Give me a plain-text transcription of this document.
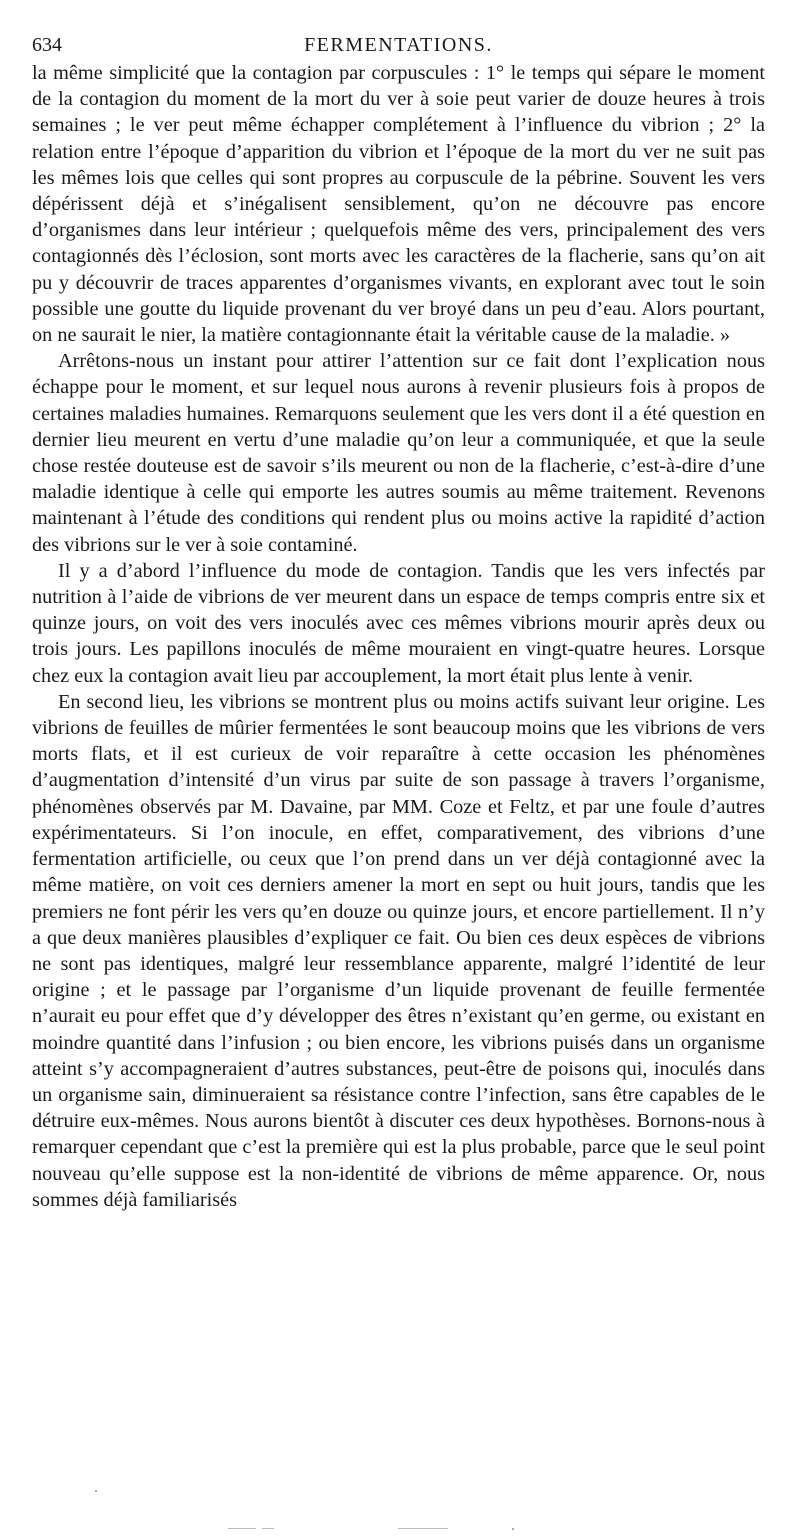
634	FERMENTATIONS.

la même simplicité que la contagion par corpuscules : 1° le temps qui sépare le moment de la contagion du moment de la mort du ver à soie peut varier de douze heures à trois semaines ; le ver peut même échapper complétement à l’influence du vibrion ; 2° la relation entre l’époque d’apparition du vibrion et l’époque de la mort du ver ne suit pas les mêmes lois que celles qui sont propres au corpuscule de la pébrine. Souvent les vers dépérissent déjà et s’inégalisent sensiblement, qu’on ne découvre pas encore d’organismes dans leur intérieur ; quelquefois même des vers, principalement des vers contagionnés dès l’éclosion, sont morts avec les caractères de la flacherie, sans qu’on ait pu y découvrir de traces apparentes d’organismes vivants, en explorant avec tout le soin possible une goutte du liquide provenant du ver broyé dans un peu d’eau. Alors pourtant, on ne saurait le nier, la matière contagionnante était la véritable cause de la maladie. »

Arrêtons-nous un instant pour attirer l’attention sur ce fait dont l’explication nous échappe pour le moment, et sur lequel nous aurons à revenir plusieurs fois à propos de certaines maladies humaines. Remarquons seulement que les vers dont il a été question en dernier lieu meurent en vertu d’une maladie qu’on leur a communiquée, et que la seule chose restée douteuse est de savoir s’ils meurent ou non de la flacherie, c’est-à-dire d’une maladie identique à celle qui emporte les autres soumis au même traitement. Revenons maintenant à l’étude des conditions qui rendent plus ou moins active la rapidité d’action des vibrions sur le ver à soie contaminé.

Il y a d’abord l’influence du mode de contagion. Tandis que les vers infectés par nutrition à l’aide de vibrions de ver meurent dans un espace de temps compris entre six et quinze jours, on voit des vers inoculés avec ces mêmes vibrions mourir après deux ou trois jours. Les papillons inoculés de même mouraient en vingt-quatre heures. Lorsque chez eux la contagion avait lieu par accouplement, la mort était plus lente à venir.

En second lieu, les vibrions se montrent plus ou moins actifs suivant leur origine. Les vibrions de feuilles de mûrier fermentées le sont beaucoup moins que les vibrions de vers morts flats, et il est curieux de voir reparaître à cette occasion les phénomènes d’augmentation d’intensité d’un virus par suite de son passage à travers l’organisme, phénomènes observés par M. Davaine, par MM. Coze et Feltz, et par une foule d’autres expérimentateurs. Si l’on inocule, en effet, comparativement, des vibrions d’une fermentation artificielle, ou ceux que l’on prend dans un ver déjà contagionné avec la même matière, on voit ces derniers amener la mort en sept ou huit jours, tandis que les premiers ne font périr les vers qu’en douze ou quinze jours, et encore partiellement. Il n’y a que deux manières plausibles d’expliquer ce fait. Ou bien ces deux espèces de vibrions ne sont pas identiques, malgré leur ressemblance apparente, malgré l’identité de leur origine ; et le passage par l’organisme d’un liquide provenant de feuille fermentée n’aurait eu pour effet que d’y développer des êtres n’existant qu’en germe, ou existant en moindre quantité dans l’infusion ; ou bien encore, les vibrions puisés dans un organisme atteint s’y accompagneraient d’autres substances, peut-être de poisons qui, inoculés dans un organisme sain, diminueraient sa résistance contre l’infection, sans être capables de le détruire eux-mêmes. Nous aurons bientôt à discuter ces deux hypothèses. Bornons-nous à remarquer cependant que c’est la première qui est la plus probable, parce que le seul point nouveau qu’elle suppose est la non-identité de vibrions de même apparence. Or, nous sommes déjà familiarisés
